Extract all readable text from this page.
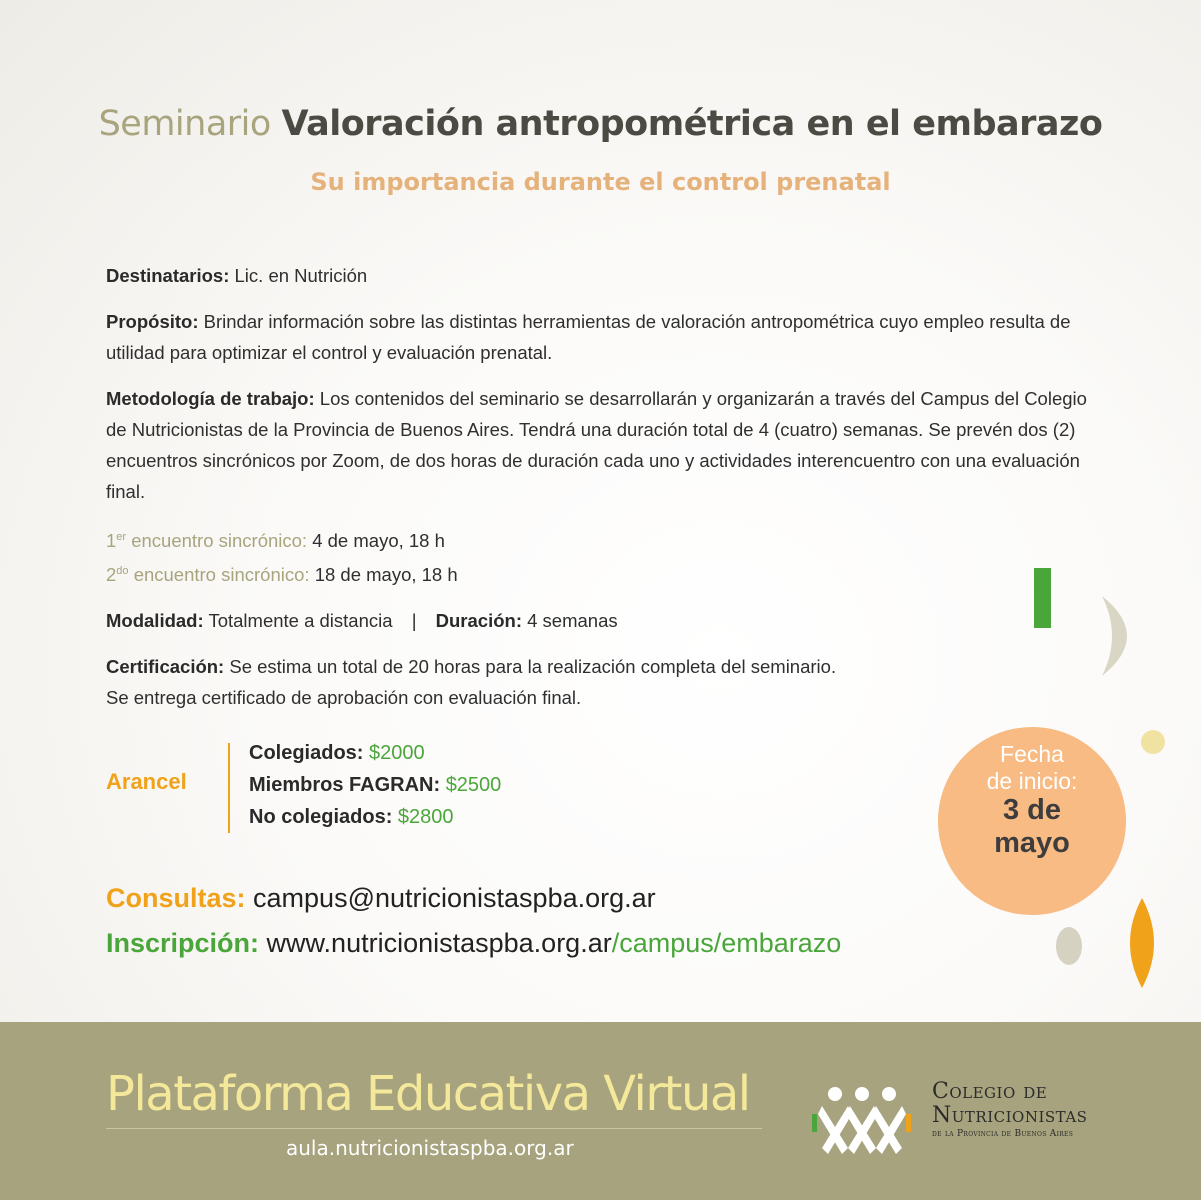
Seminario Valoración antropométrica en el embarazo
Su importancia durante el control prenatal

Destinatarios: Lic. en Nutrición

Propósito: Brindar información sobre las distintas herramientas de valoración antropométrica cuyo empleo resulta de utilidad para optimizar el control y evaluación prenatal.

Metodología de trabajo: Los contenidos del seminario se desarrollarán y organizarán a través del Campus del Colegio de Nutricionistas de la Provincia de Buenos Aires. Tendrá una duración total de 4 (cuatro) semanas. Se prevén dos (2) encuentros sincrónicos por Zoom, de dos horas de duración cada uno y actividades interencuentro con una evaluación final.

1er encuentro sincrónico: 4 de mayo, 18 h

$2^{do}$ encuentro sincrónico: 18 de mayo, 18 h

Modalidad: Totalmente a distancia | Duración: 4 semanas

Certificación: Se estima un total de 20 horas para la realización completa del seminario.
Se entrega certificado de aprobación con evaluación final.

Arancel
Colegiados: $2000
Miembros FAGRAN: $2500
No colegiados: $2800
Consultas: campus@nutricionistaspba.org.ar
Inscripción: www.nutricionistaspba.org.ar/campus/embarazo
Fecha
de inicio:
3 de
mayo
Plataforma Educativa Virtual
aula.nutricionistaspba.org.ar
Colegio de
Nutricionistas
de la Provincia de Buenos Aires
